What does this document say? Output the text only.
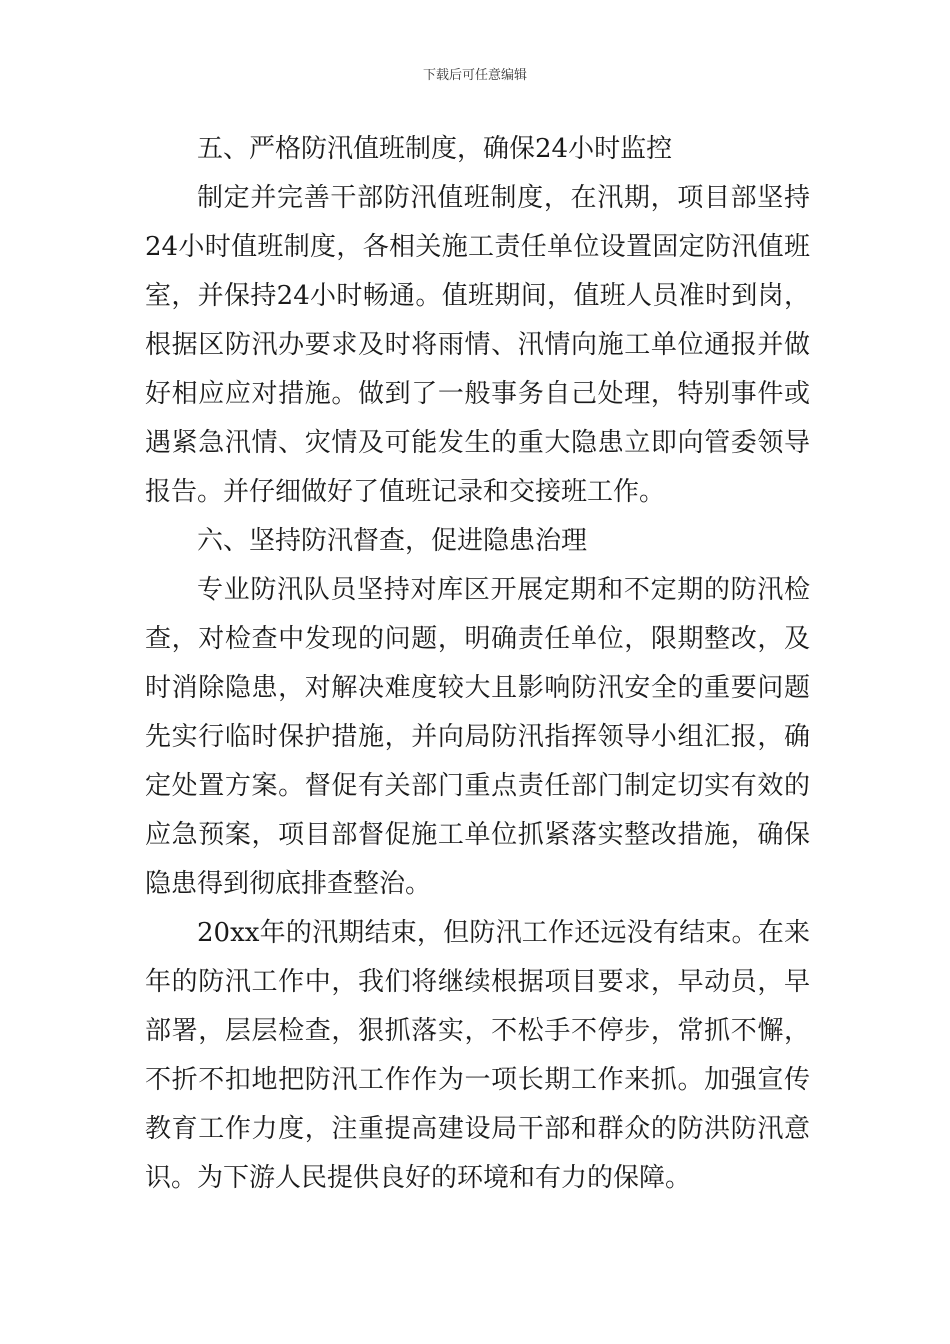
下载后可任意编辑

五、严格防汛值班制度，确保24小时监控

制定并完善干部防汛值班制度，在汛期，项目部坚持24小时值班制度，各相关施工责任单位设置固定防汛值班室，并保持24小时畅通。值班期间，值班人员准时到岗，根据区防汛办要求及时将雨情、汛情向施工单位通报并做好相应应对措施。做到了一般事务自己处理，特别事件或遇紧急汛情、灾情及可能发生的重大隐患立即向管委领导报告。并仔细做好了值班记录和交接班工作。

六、坚持防汛督查，促进隐患治理

专业防汛队员坚持对库区开展定期和不定期的防汛检查，对检查中发现的问题，明确责任单位，限期整改，及时消除隐患，对解决难度较大且影响防汛安全的重要问题先实行临时保护措施，并向局防汛指挥领导小组汇报，确定处置方案。督促有关部门重点责任部门制定切实有效的应急预案，项目部督促施工单位抓紧落实整改措施，确保隐患得到彻底排查整治。

20xx年的汛期结束，但防汛工作还远没有结束。在来年的防汛工作中，我们将继续根据项目要求，早动员，早部署，层层检查，狠抓落实，不松手不停步，常抓不懈，不折不扣地把防汛工作作为一项长期工作来抓。加强宣传教育工作力度，注重提高建设局干部和群众的防洪防汛意识。为下游人民提供良好的环境和有力的保障。
